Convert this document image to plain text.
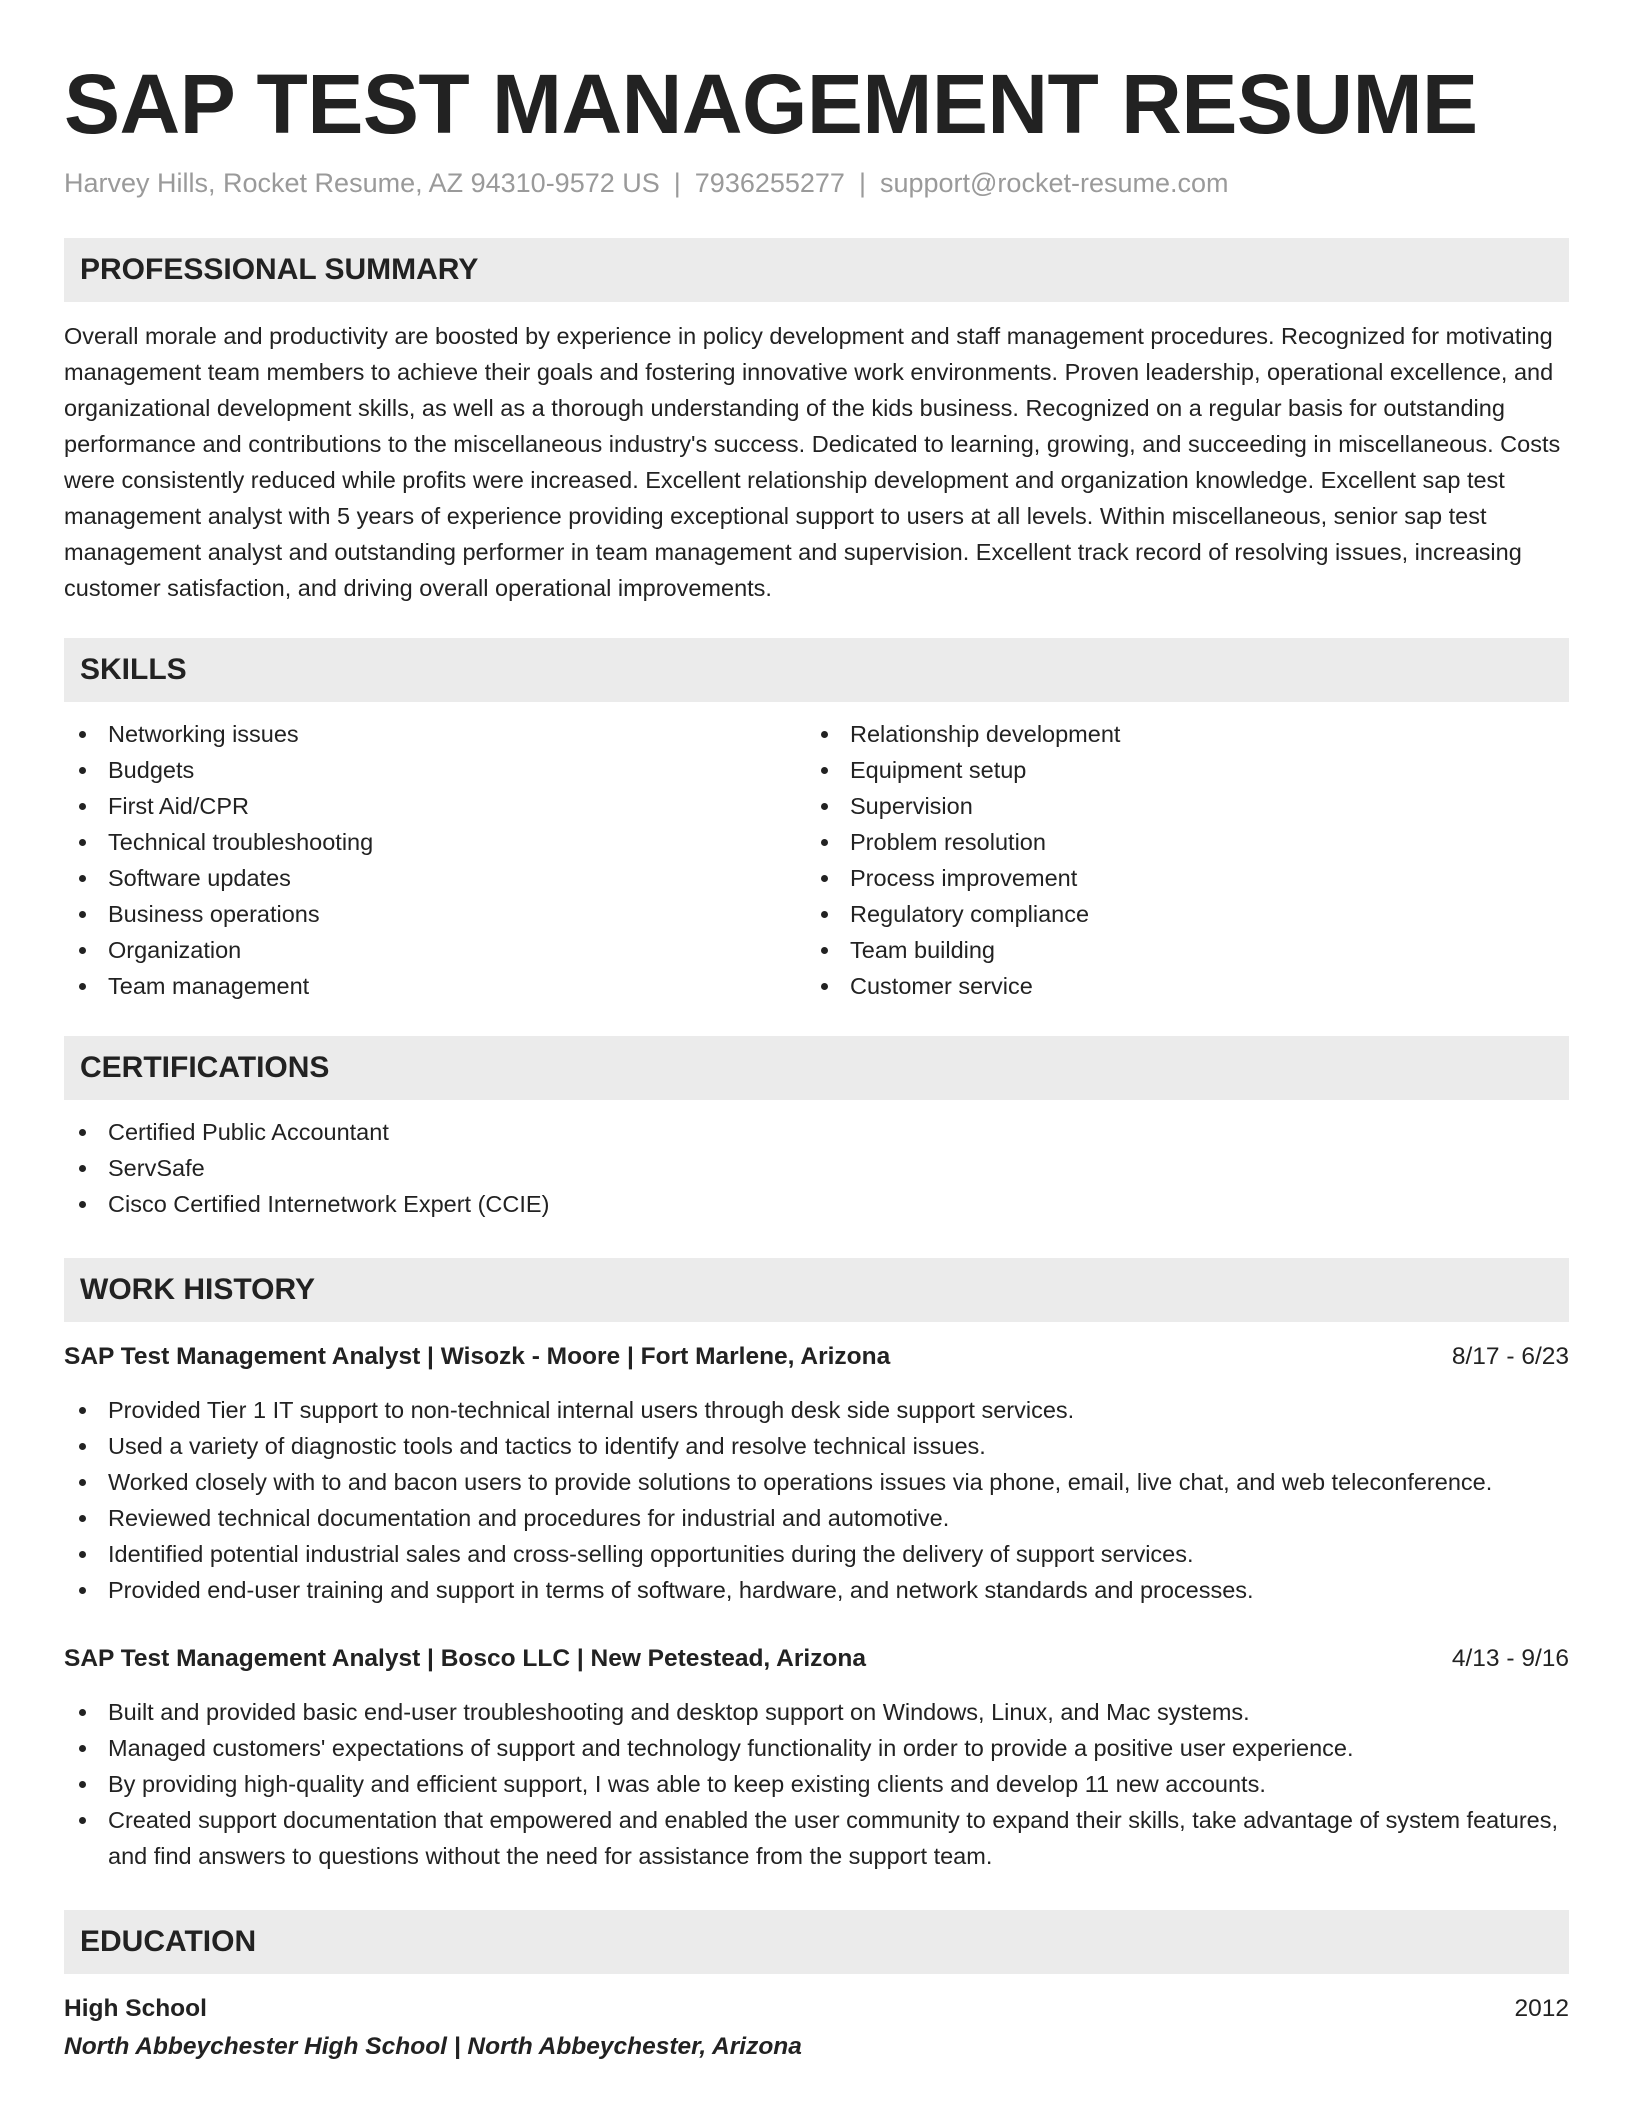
SAP TEST MANAGEMENT RESUME
Harvey Hills, Rocket Resume, AZ 94310-9572 US | 7936255277 | support@rocket-resume.com
PROFESSIONAL SUMMARY
Overall morale and productivity are boosted by experience in policy development and staff management procedures. Recognized for motivating management team members to achieve their goals and fostering innovative work environments. Proven leadership, operational excellence, and organizational development skills, as well as a thorough understanding of the kids business. Recognized on a regular basis for outstanding performance and contributions to the miscellaneous industry's success. Dedicated to learning, growing, and succeeding in miscellaneous. Costs were consistently reduced while profits were increased. Excellent relationship development and organization knowledge. Excellent sap test management analyst with 5 years of experience providing exceptional support to users at all levels. Within miscellaneous, senior sap test management analyst and outstanding performer in team management and supervision. Excellent track record of resolving issues, increasing customer satisfaction, and driving overall operational improvements.
SKILLS
Networking issues
Budgets
First Aid/CPR
Technical troubleshooting
Software updates
Business operations
Organization
Team management
Relationship development
Equipment setup
Supervision
Problem resolution
Process improvement
Regulatory compliance
Team building
Customer service
CERTIFICATIONS
Certified Public Accountant
ServSafe
Cisco Certified Internetwork Expert (CCIE)
WORK HISTORY
SAP Test Management Analyst | Wisozk - Moore | Fort Marlene, Arizona	8/17 - 6/23
Provided Tier 1 IT support to non-technical internal users through desk side support services.
Used a variety of diagnostic tools and tactics to identify and resolve technical issues.
Worked closely with to and bacon users to provide solutions to operations issues via phone, email, live chat, and web teleconference.
Reviewed technical documentation and procedures for industrial and automotive.
Identified potential industrial sales and cross-selling opportunities during the delivery of support services.
Provided end-user training and support in terms of software, hardware, and network standards and processes.
SAP Test Management Analyst | Bosco LLC | New Petestead, Arizona	4/13 - 9/16
Built and provided basic end-user troubleshooting and desktop support on Windows, Linux, and Mac systems.
Managed customers' expectations of support and technology functionality in order to provide a positive user experience.
By providing high-quality and efficient support, I was able to keep existing clients and develop 11 new accounts.
Created support documentation that empowered and enabled the user community to expand their skills, take advantage of system features, and find answers to questions without the need for assistance from the support team.
EDUCATION
High School	2012
North Abbeychester High School | North Abbeychester, Arizona
